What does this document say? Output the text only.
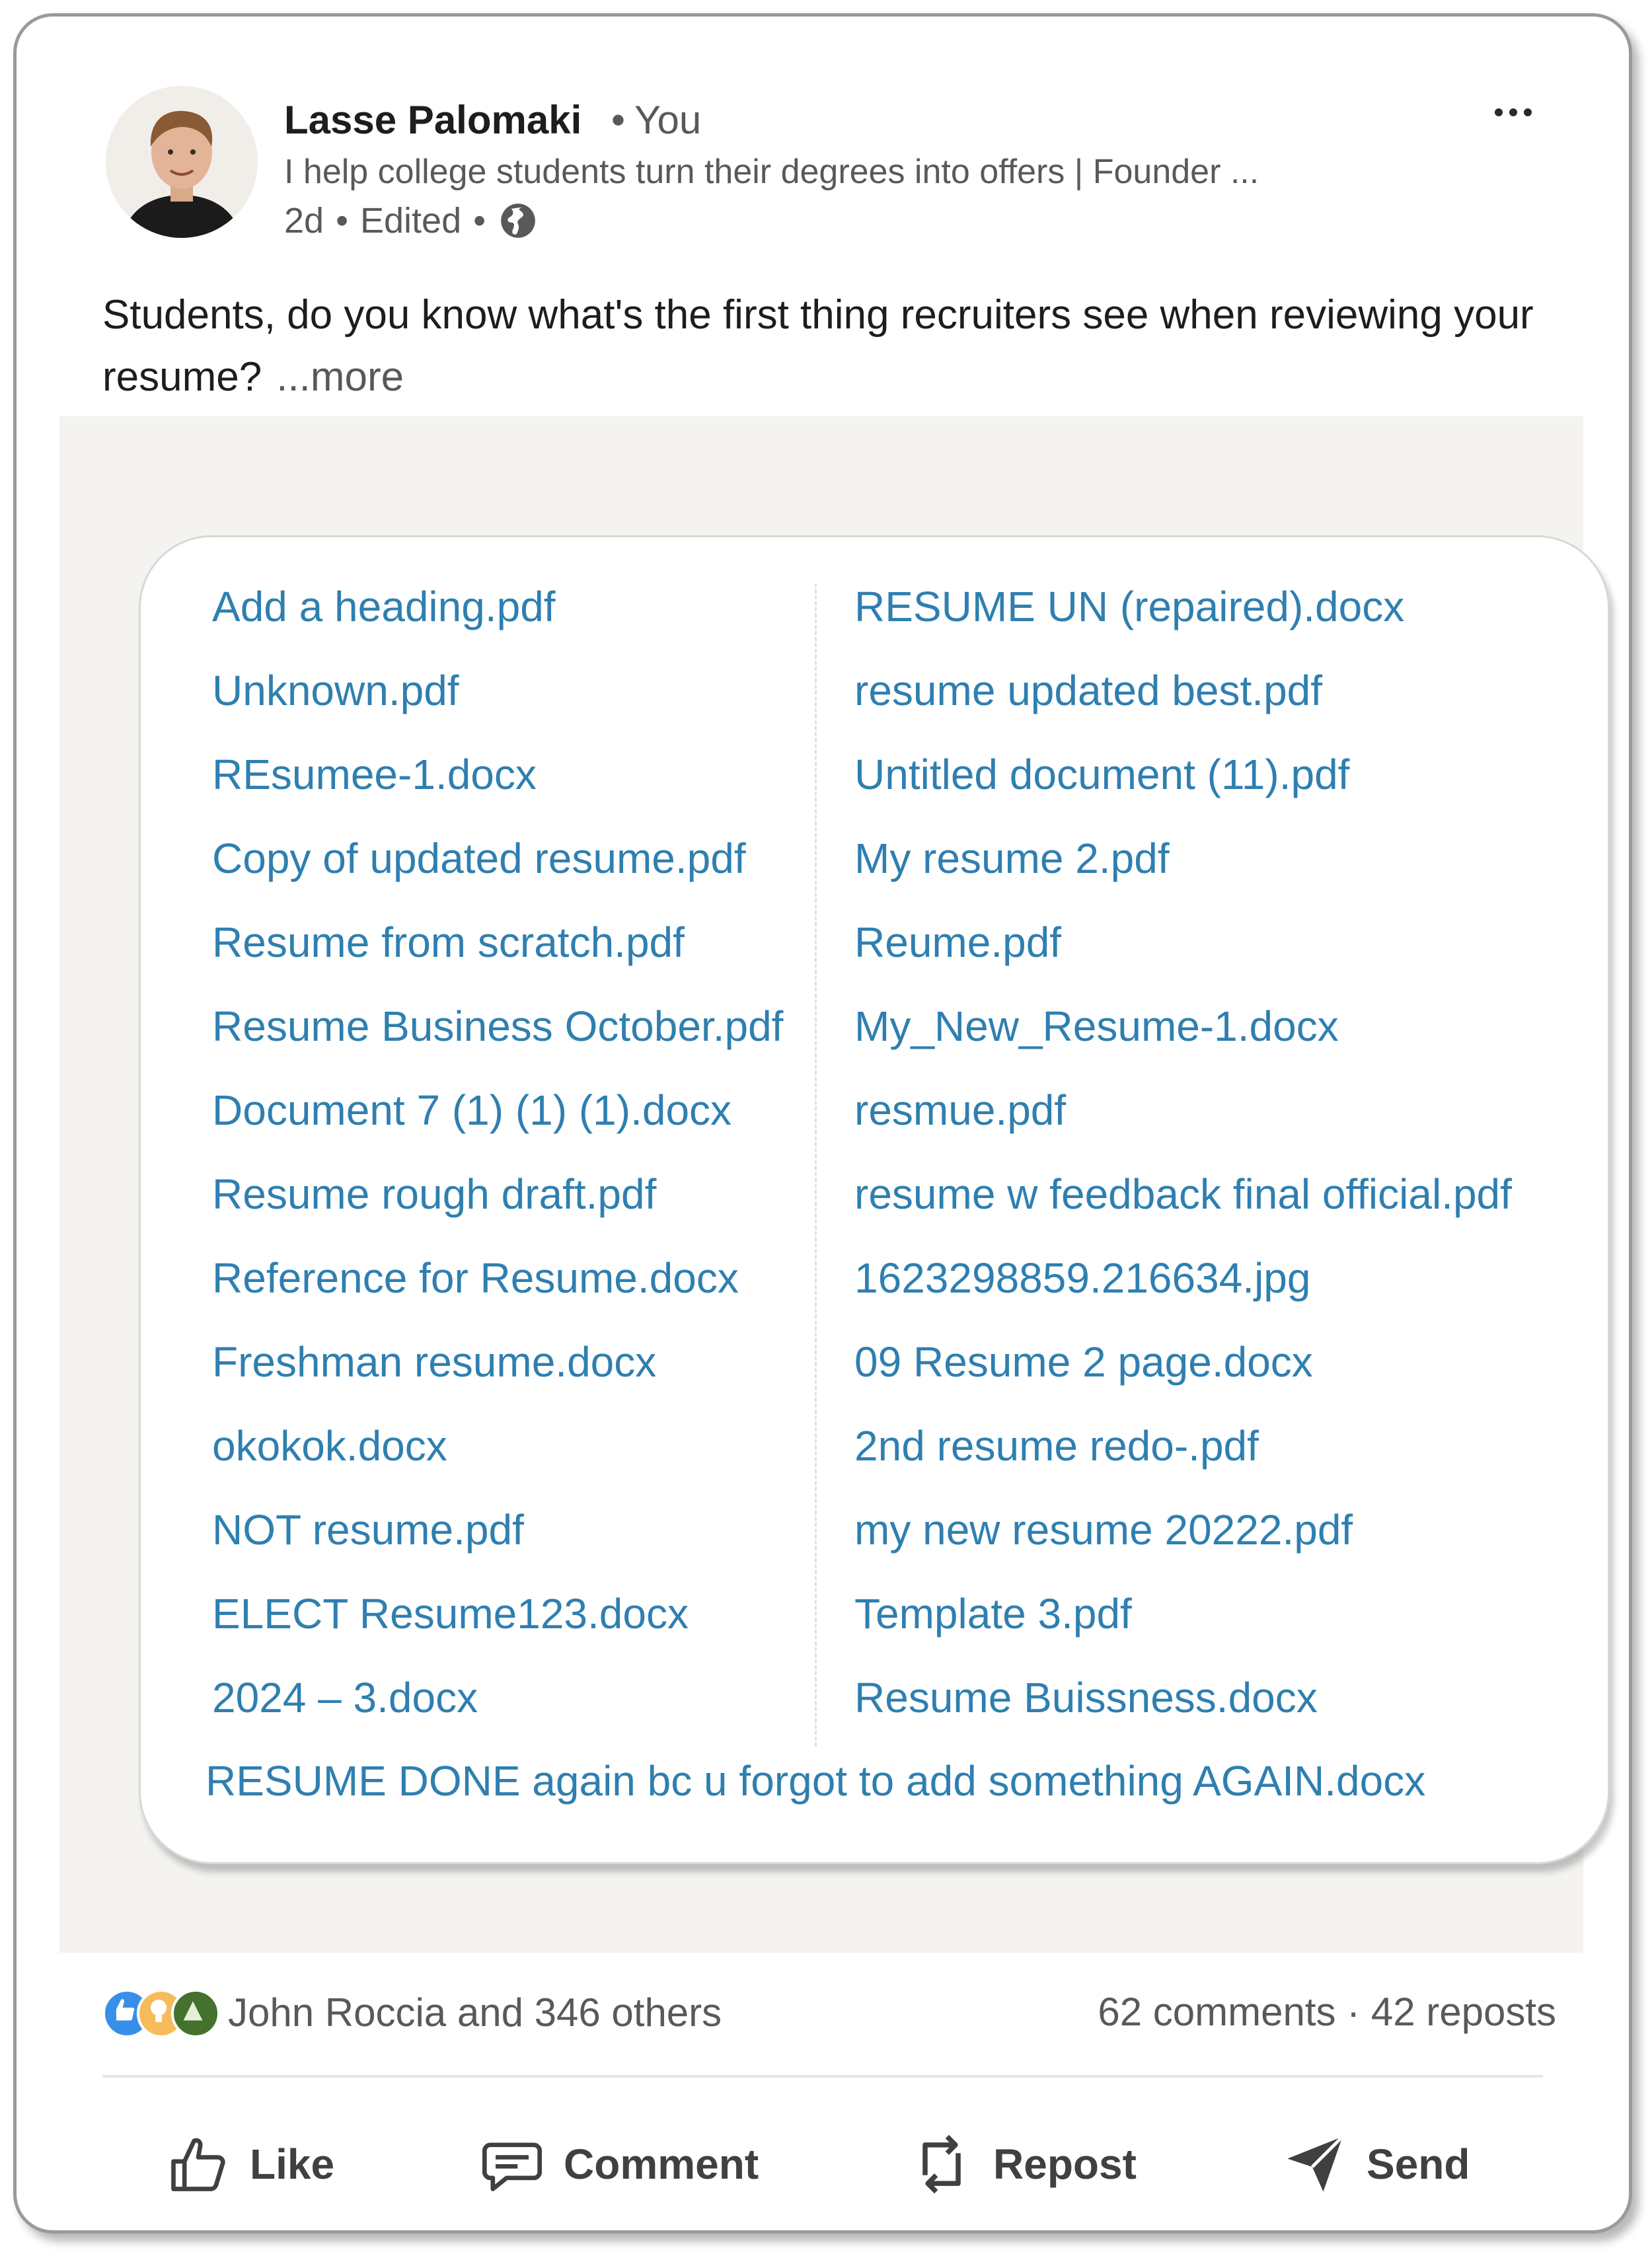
Lasse Palomaki • You
I help college students turn their degrees into offers | Founder ...
2d • Edited •
Students, do you know what's the first thing recruiters see when reviewing your resume? ...more
Add a heading.pdf
Unknown.pdf
REsumee-1.docx
Copy of updated resume.pdf
Resume from scratch.pdf
Resume Business October.pdf
Document 7 (1) (1) (1).docx
Resume rough draft.pdf
Reference for Resume.docx
Freshman resume.docx
okokok.docx
NOT resume.pdf
ELECT Resume123.docx
2024 – 3.docx
RESUME UN (repaired).docx
resume updated best.pdf
Untitled document (11).pdf
My resume 2.pdf
Reume.pdf
My_New_Resume-1.docx
resmue.pdf
resume w feedback final official.pdf
1623298859.216634.jpg
09 Resume 2 page.docx
2nd resume redo-.pdf
my new resume 20222.pdf
Template 3.pdf
Resume Buissness.docx
RESUME DONE again bc u forgot to add something AGAIN.docx
John Roccia and 346 others	62 comments · 42 reposts
Like	Comment	Repost	Send
